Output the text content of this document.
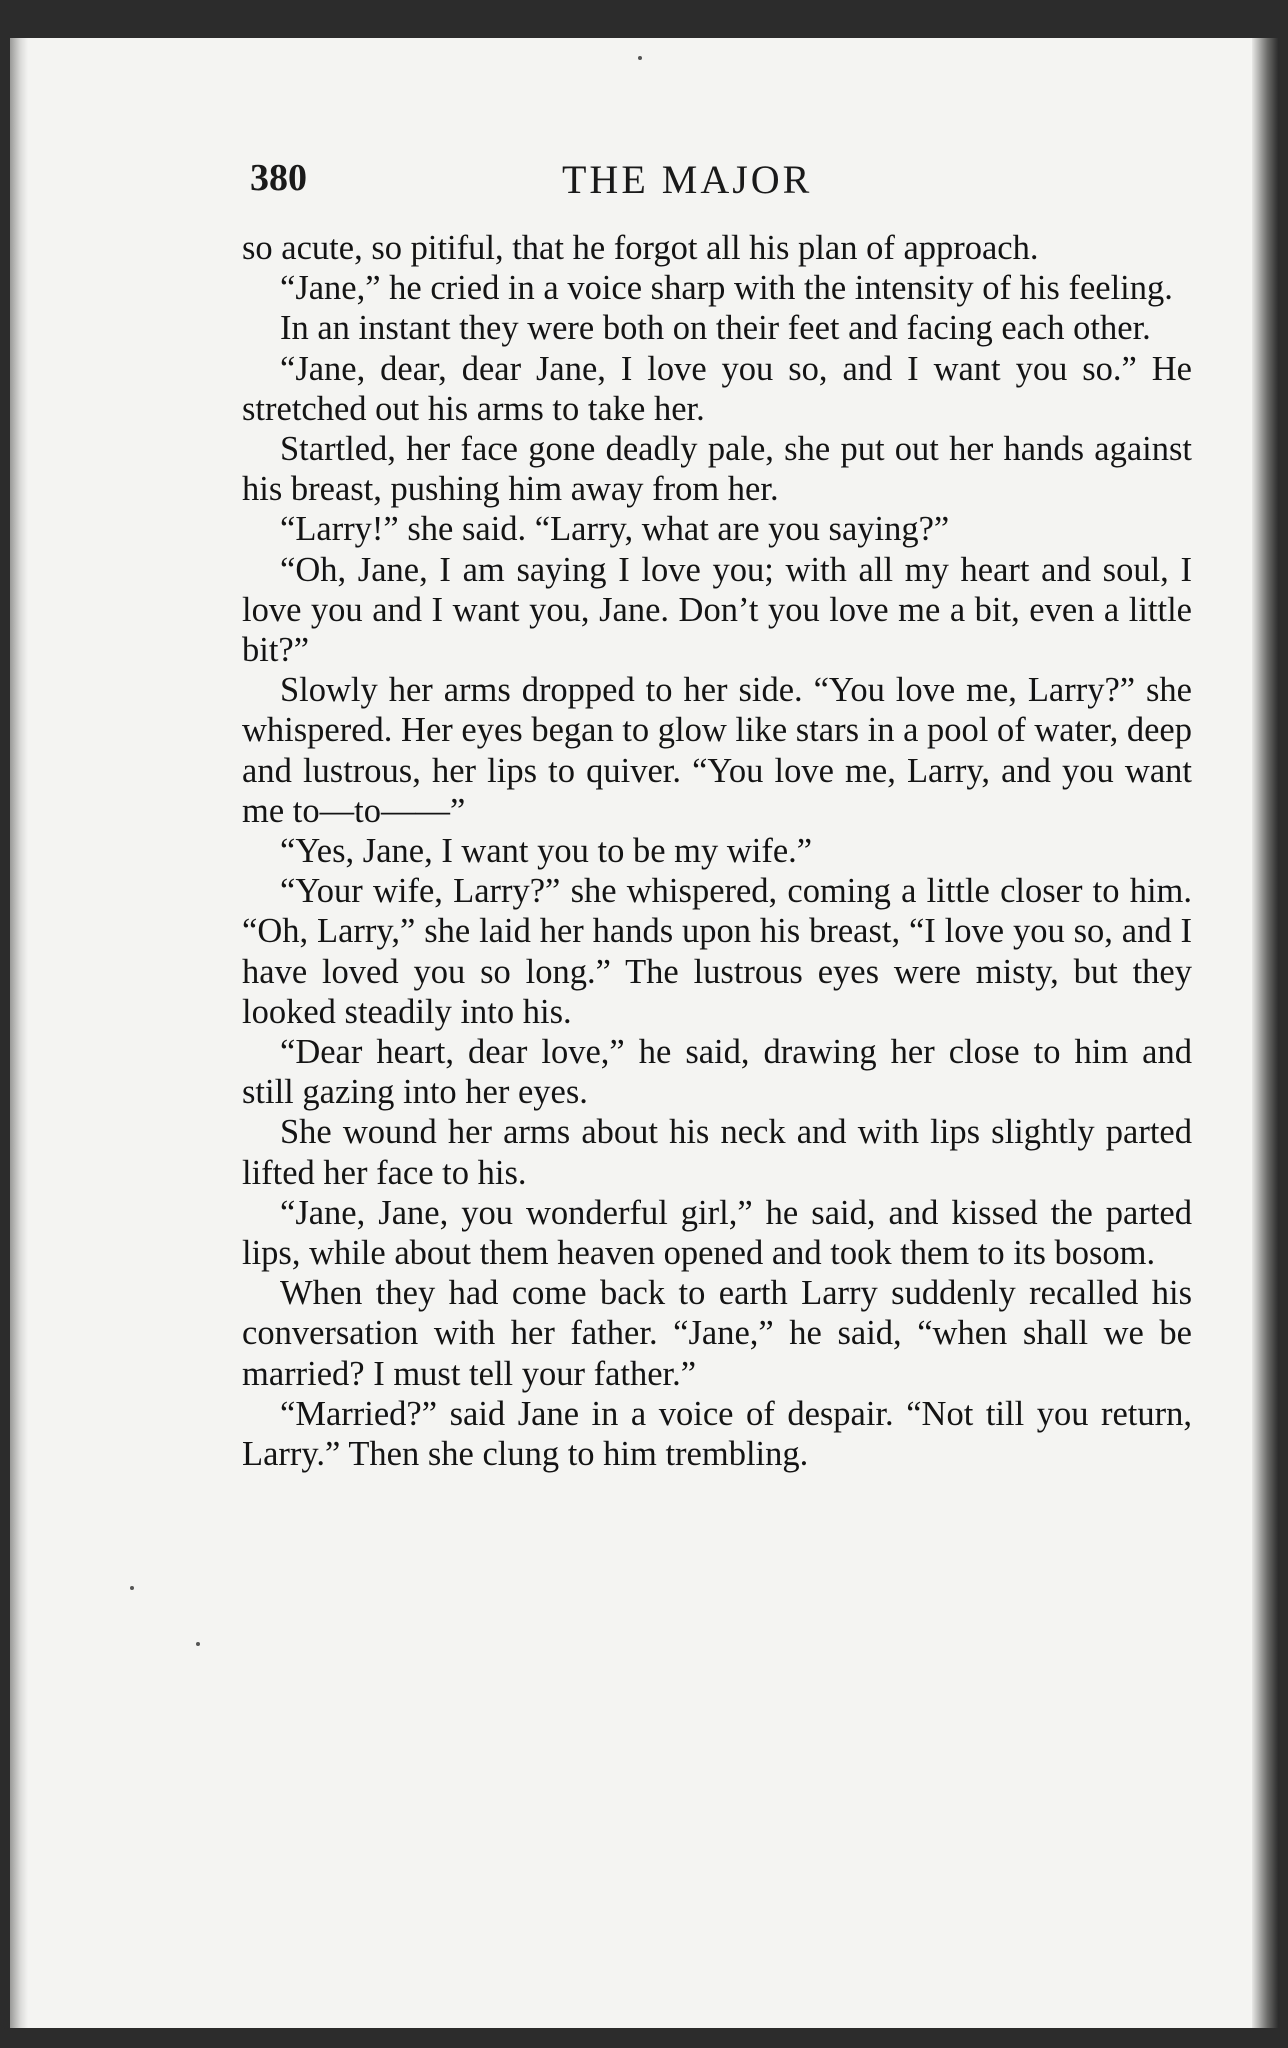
380	THE MAJOR

so acute, so pitiful, that he forgot all his plan of approach.

“Jane,” he cried in a voice sharp with the intensity of his feeling.

In an instant they were both on their feet and facing each other.

“Jane, dear, dear Jane, I love you so, and I want you so.” He stretched out his arms to take her.

Startled, her face gone deadly pale, she put out her hands against his breast, pushing him away from her.

“Larry!” she said. “Larry, what are you saying?”

“Oh, Jane, I am saying I love you; with all my heart and soul, I love you and I want you, Jane. Don’t you love me a bit, even a little bit?”

Slowly her arms dropped to her side. “You love me, Larry?” she whispered. Her eyes began to glow like stars in a pool of water, deep and lustrous, her lips to quiver. “You love me, Larry, and you want me to—to——”

“Yes, Jane, I want you to be my wife.”

“Your wife, Larry?” she whispered, coming a little closer to him. “Oh, Larry,” she laid her hands upon his breast, “I love you so, and I have loved you so long.” The lustrous eyes were misty, but they looked steadily into his.

“Dear heart, dear love,” he said, drawing her close to him and still gazing into her eyes.

She wound her arms about his neck and with lips slightly parted lifted her face to his.

“Jane, Jane, you wonderful girl,” he said, and kissed the parted lips, while about them heaven opened and took them to its bosom.

When they had come back to earth Larry suddenly recalled his conversation with her father. “Jane,” he said, “when shall we be married? I must tell your father.”

“Married?” said Jane in a voice of despair. “Not till you return, Larry.” Then she clung to him trembling.
